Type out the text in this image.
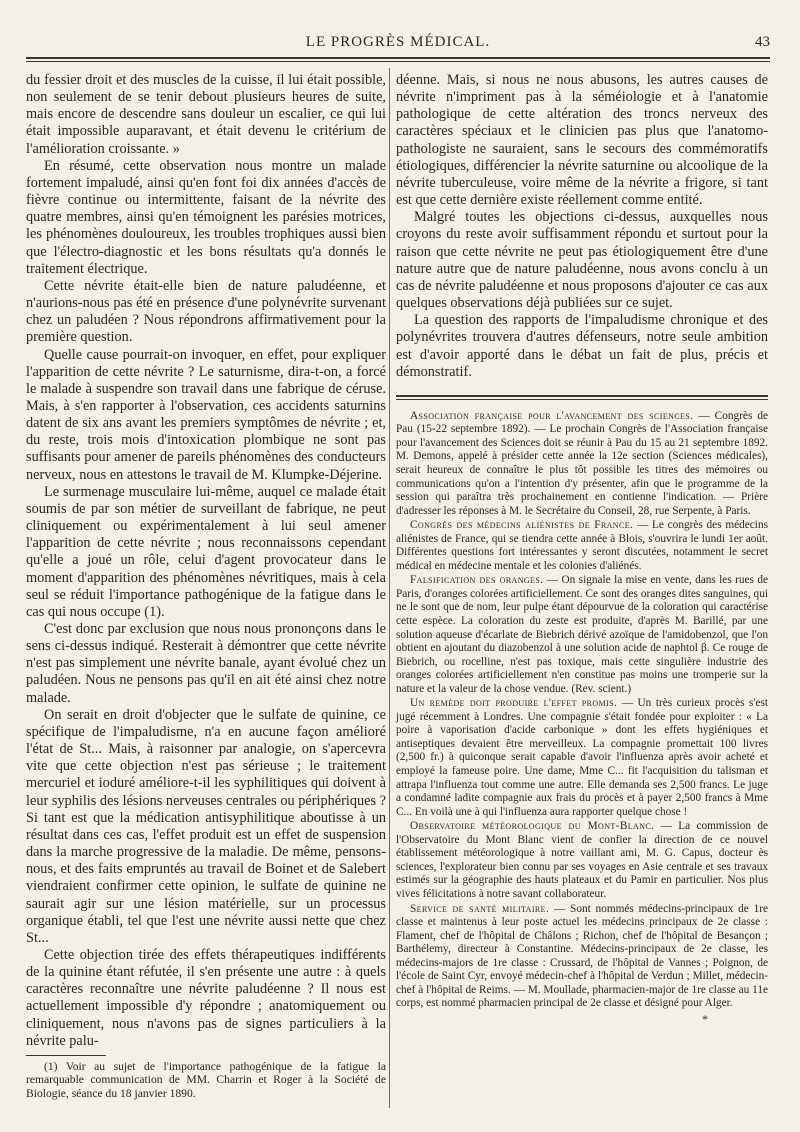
LE PROGRÈS MÉDICAL.	43

du fessier droit et des muscles de la cuisse, il lui était possible, non seulement de se tenir debout plusieurs heures de suite, mais encore de descendre sans douleur un escalier, ce qui lui était impossible auparavant, et était devenu le critérium de l'amélioration croissante. »

En résumé, cette observation nous montre un malade fortement impaludé, ainsi qu'en font foi dix années d'accès de fièvre continue ou intermittente, faisant de la névrite des quatre membres, ainsi qu'en témoignent les parésies motrices, les phénomènes douloureux, les troubles trophiques aussi bien que l'électro-diagnostic et les bons résultats qu'a donnés le traitement électrique.

Cette névrite était-elle bien de nature paludéenne, et n'aurions-nous pas été en présence d'une polynévrite survenant chez un paludéen ? Nous répondrons affirmativement pour la première question.

Quelle cause pourrait-on invoquer, en effet, pour expliquer l'apparition de cette névrite ? Le saturnisme, dira-t-on, a forcé le malade à suspendre son travail dans une fabrique de céruse. Mais, à s'en rapporter à l'observation, ces accidents saturnins datent de six ans avant les premiers symptômes de névrite ; et, du reste, trois mois d'intoxication plombique ne sont pas suffisants pour amener de pareils phénomènes des conducteurs nerveux, nous en attestons le travail de M. Klumpke-Déjerine.

Le surmenage musculaire lui-même, auquel ce malade était soumis de par son métier de surveillant de fabrique, ne peut cliniquement ou expérimentalement à lui seul amener l'apparition de cette névrite ; nous reconnaissons cependant qu'elle a joué un rôle, celui d'agent provocateur dans le moment d'apparition des phénomènes névritiques, mais à cela seul se réduit l'importance pathogénique de la fatigue dans le cas qui nous occupe (1).

C'est donc par exclusion que nous nous prononçons dans le sens ci-dessus indiqué. Resterait à démontrer que cette névrite n'est pas simplement une névrite banale, ayant évolué chez un paludéen. Nous ne pensons pas qu'il en ait été ainsi chez notre malade.

On serait en droit d'objecter que le sulfate de quinine, ce spécifique de l'impaludisme, n'a en aucune façon amélioré l'état de St... Mais, à raisonner par analogie, on s'apercevra vite que cette objection n'est pas sérieuse ; le traitement mercuriel et ioduré améliore-t-il les syphilitiques qui doivent à leur syphilis des lésions nerveuses centrales ou périphériques ? Si tant est que la médication antisyphilitique aboutisse à un résultat dans ces cas, l'effet produit est un effet de suspension dans la marche progressive de la maladie. De même, pensons-nous, et des faits empruntés au travail de Boinet et de Salebert viendraient confirmer cette opinion, le sulfate de quinine ne saurait agir sur une lésion matérielle, sur un processus organique établi, tel que l'est une névrite aussi nette que chez St...

Cette objection tirée des effets thérapeutiques indifférents de la quinine étant réfutée, il s'en présente une autre : à quels caractères reconnaître une névrite paludéenne ? Il nous est actuellement impossible d'y répondre ; anatomiquement ou cliniquement, nous n'avons pas de signes particuliers à la névrite palu-

(1) Voir au sujet de l'importance pathogénique de la fatigue la remarquable communication de MM. Charrin et Roger à la Société de Biologie, séance du 18 janvier 1890.

déenne. Mais, si nous ne nous abusons, les autres causes de névrite n'impriment pas à la séméiologie et à l'anatomie pathologique de cette altération des troncs nerveux des caractères spéciaux et le clinicien pas plus que l'anatomo-pathologiste ne sauraient, sans le secours des commémoratifs étiologiques, différencier la névrite saturnine ou alcoolique de la névrite tuberculeuse, voire même de la névrite a frigore, si tant est que cette dernière existe réellement comme entité.

Malgré toutes les objections ci-dessus, auxquelles nous croyons du reste avoir suffisamment répondu et surtout pour la raison que cette névrite ne peut pas étiologiquement être d'une nature autre que de nature paludéenne, nous avons conclu à un cas de névrite paludéenne et nous proposons d'ajouter ce cas aux quelques observations déjà publiées sur ce sujet.

La question des rapports de l'impaludisme chronique et des polynévrites trouvera d'autres défenseurs, notre seule ambition est d'avoir apporté dans le débat un fait de plus, précis et démonstratif.

Association française pour l'avancement des sciences. — Congrès de Pau (15-22 septembre 1892). — Le prochain Congrès de l'Association française pour l'avancement des Sciences doit se réunir à Pau du 15 au 21 septembre 1892. M. Demons, appelé à présider cette année la 12e section (Sciences médicales), serait heureux de connaître le plus tôt possible les titres des mémoires ou communications qu'on a l'intention d'y présenter, afin que le programme de la session qui paraîtra très prochainement en contienne l'indication. — Prière d'adresser les réponses à M. le Secrétaire du Conseil, 28, rue Serpente, à Paris.

Congrès des médecins aliénistes de France. — Le congrès des médecins aliénistes de France, qui se tiendra cette année à Blois, s'ouvrira le lundi 1er août. Différentes questions fort intéressantes y seront discutées, notamment le secret médical en médecine mentale et les colonies d'aliénés.

Falsification des oranges. — On signale la mise en vente, dans les rues de Paris, d'oranges colorées artificiellement. Ce sont des oranges dites sanguines, qui ne le sont que de nom, leur pulpe étant dépourvue de la coloration qui caractérise cette espèce. La coloration du zeste est produite, d'après M. Barillé, par une solution aqueuse d'écarlate de Biebrich dérivé azoïque de l'amidobenzol, que l'on obtient en ajoutant du diazobenzol à une solution acide de naphtol β. Ce rouge de Biebrich, ou rocelline, n'est pas toxique, mais cette singulière industrie des oranges colorées artificiellement n'en constitue pas moins une tromperie sur la nature et la valeur de la chose vendue. (Rev. scient.)

Un remède doit produire l'effet promis. — Un très curieux procès s'est jugé récemment à Londres. Une compagnie s'était fondée pour exploiter : « La poire à vaporisation d'acide carbonique » dont les effets hygiéniques et antiseptiques devaient être merveilleux. La compagnie promettait 100 livres (2,500 fr.) à quiconque serait capable d'avoir l'influenza après avoir acheté et employé la fameuse poire. Une dame, Mme C... fit l'acquisition du talisman et attrapa l'influenza tout comme une autre. Elle demanda ses 2,500 francs. Le juge a condamné ladite compagnie aux frais du procès et à payer 2,500 francs à Mme C... En voilà une à qui l'influenza aura rapporter quelque chose !

Observatoire météorologique du Mont-Blanc. — La commission de l'Observatoire du Mont Blanc vient de confier la direction de ce nouvel établissement météorologique à notre vaillant ami, M. G. Capus, docteur ès sciences, l'explorateur bien connu par ses voyages en Asie centrale et ses travaux estimés sur la géographie des hauts plateaux et du Pamir en particulier. Nos plus vives félicitations à notre savant collaborateur.

Service de santé militaire. — Sont nommés médecins-principaux de 1re classe et maintenus à leur poste actuel les médecins principaux de 2e classe : Flament, chef de l'hôpital de Châlons ; Richon, chef de l'hôpital de Besançon ; Barthélemy, directeur à Constantine. Médecins-principaux de 2e classe, les médecins-majors de 1re classe : Crussard, de l'hôpital de Vannes ; Poignon, de l'école de Saint Cyr, envoyé médecin-chef à l'hôpital de Verdun ; Millet, médecin-chef à l'hôpital de Reims. — M. Moullade, pharmacien-major de 1re classe au 11e corps, est nommé pharmacien principal de 2e classe et désigné pour Alger.

*
